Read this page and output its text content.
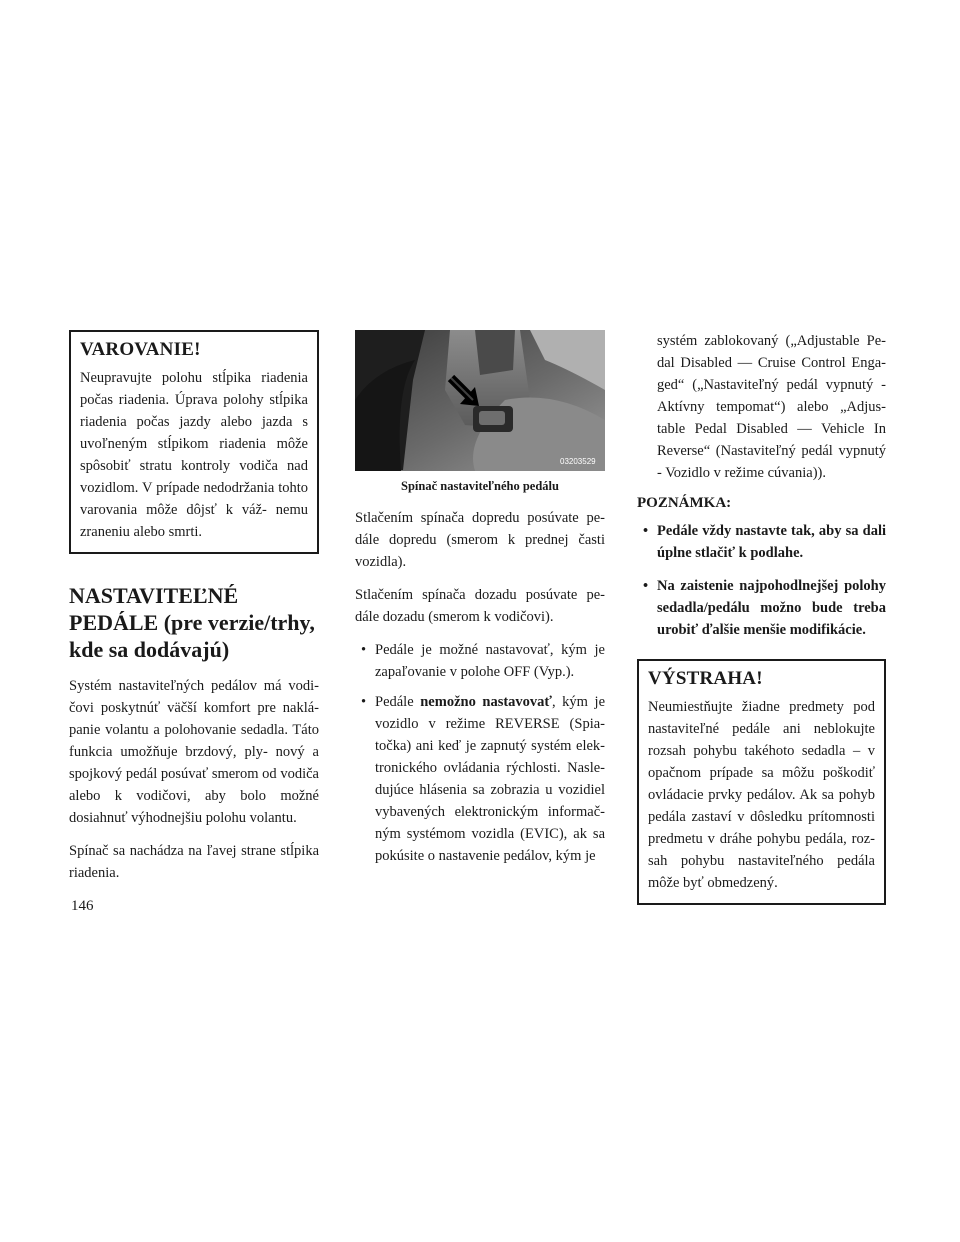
VAROVANIE!

Neupravujte polohu stĺpika riadenia počas riadenia. Úprava polohy stĺpika riadenia počas jazdy alebo jazda s uvoľneným stĺpikom riadenia môže spôsobiť stratu kontroly vodiča nad vozidlom. V prípade nedodržania tohto varovania môže dôjsť k váž- nemu zraneniu alebo smrti.

NASTAVITEĽNÉ PEDÁLE (pre verzie/trhy, kde sa dodávajú)

Systém nastaviteľných pedálov má vodi- čovi poskytnúť väčší komfort pre naklá- panie volantu a polohovanie sedadla. Táto funkcia umožňuje brzdový, ply- nový a spojkový pedál posúvať smerom od vodiča alebo k vodičovi, aby bolo možné dosiahnuť výhodnejšiu polohu volantu.

Spínač sa nachádza na ľavej strane stĺpika riadenia.

03203529
Spínač nastaviteľného pedálu

Stlačením spínača dopredu posúvate pe- dále dopredu (smerom k prednej časti vozidla).

Stlačením spínača dozadu posúvate pe- dále dozadu (smerom k vodičovi).

• Pedále je možné nastavovať, kým je zapaľovanie v polohe OFF (Vyp.).
• Pedále nemožno nastavovať, kým je vozidlo v režime REVERSE (Spia- točka) ani keď je zapnutý systém elek- tronického ovládania rýchlosti. Nasle- dujúce hlásenia sa zobrazia u vozidiel vybavených elektronickým informač- ným systémom vozidla (EVIC), ak sa pokúsite o nastavenie pedálov, kým je

systém zablokovaný („Adjustable Pe- dal Disabled — Cruise Control Enga- ged“ („Nastaviteľný pedál vypnutý - Aktívny tempomat“) alebo „Adjus- table Pedal Disabled — Vehicle In Reverse“ (Nastaviteľný pedál vypnutý - Vozidlo v režime cúvania)).

POZNÁMKA:
• Pedále vždy nastavte tak, aby sa dali úplne stlačiť k podlahe.
• Na zaistenie najpohodlnejšej polohy sedadla/pedálu možno bude treba urobiť ďalšie menšie modifikácie.
VÝSTRAHA!

Neumiestňujte žiadne predmety pod nastaviteľné pedále ani neblokujte rozsah pohybu takéhoto sedadla – v opačnom prípade sa môžu poškodiť ovládacie prvky pedálov. Ak sa pohyb pedála zastaví v dôsledku prítomnosti predmetu v dráhe pohybu pedála, roz- sah pohybu nastaviteľného pedála môže byť obmedzený.

146
